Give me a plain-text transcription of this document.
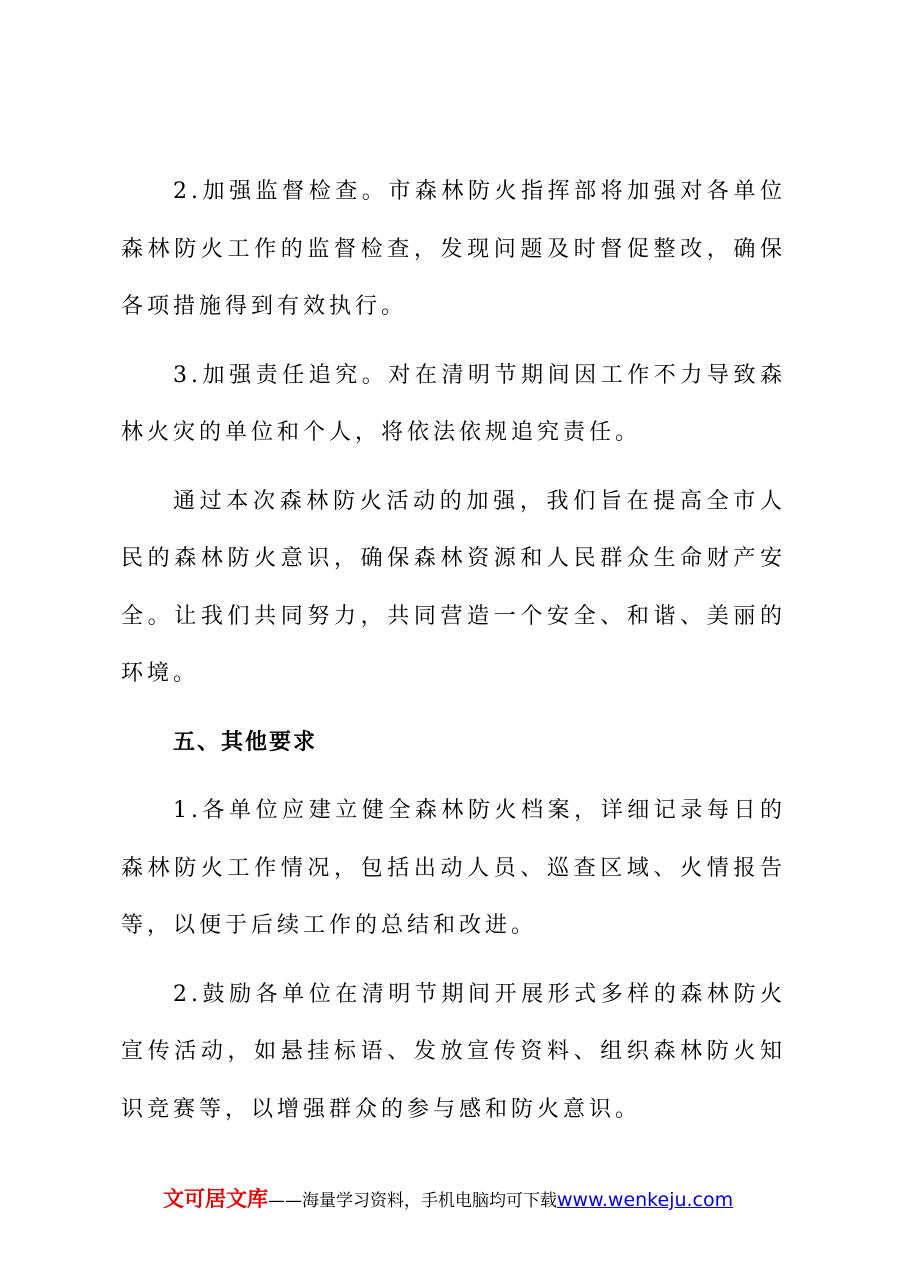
2.加强监督检查。市森林防火指挥部将加强对各单位森林防火工作的监督检查，发现问题及时督促整改，确保各项措施得到有效执行。

3.加强责任追究。对在清明节期间因工作不力导致森林火灾的单位和个人，将依法依规追究责任。

通过本次森林防火活动的加强，我们旨在提高全市人民的森林防火意识，确保森林资源和人民群众生命财产安全。让我们共同努力，共同营造一个安全、和谐、美丽的环境。

五、其他要求

1.各单位应建立健全森林防火档案，详细记录每日的森林防火工作情况，包括出动人员、巡查区域、火情报告等，以便于后续工作的总结和改进。

2.鼓励各单位在清明节期间开展形式多样的森林防火宣传活动，如悬挂标语、发放宣传资料、组织森林防火知识竞赛等，以增强群众的参与感和防火意识。

文可居文库——海量学习资料，手机电脑均可下载www.wenkeju.com
